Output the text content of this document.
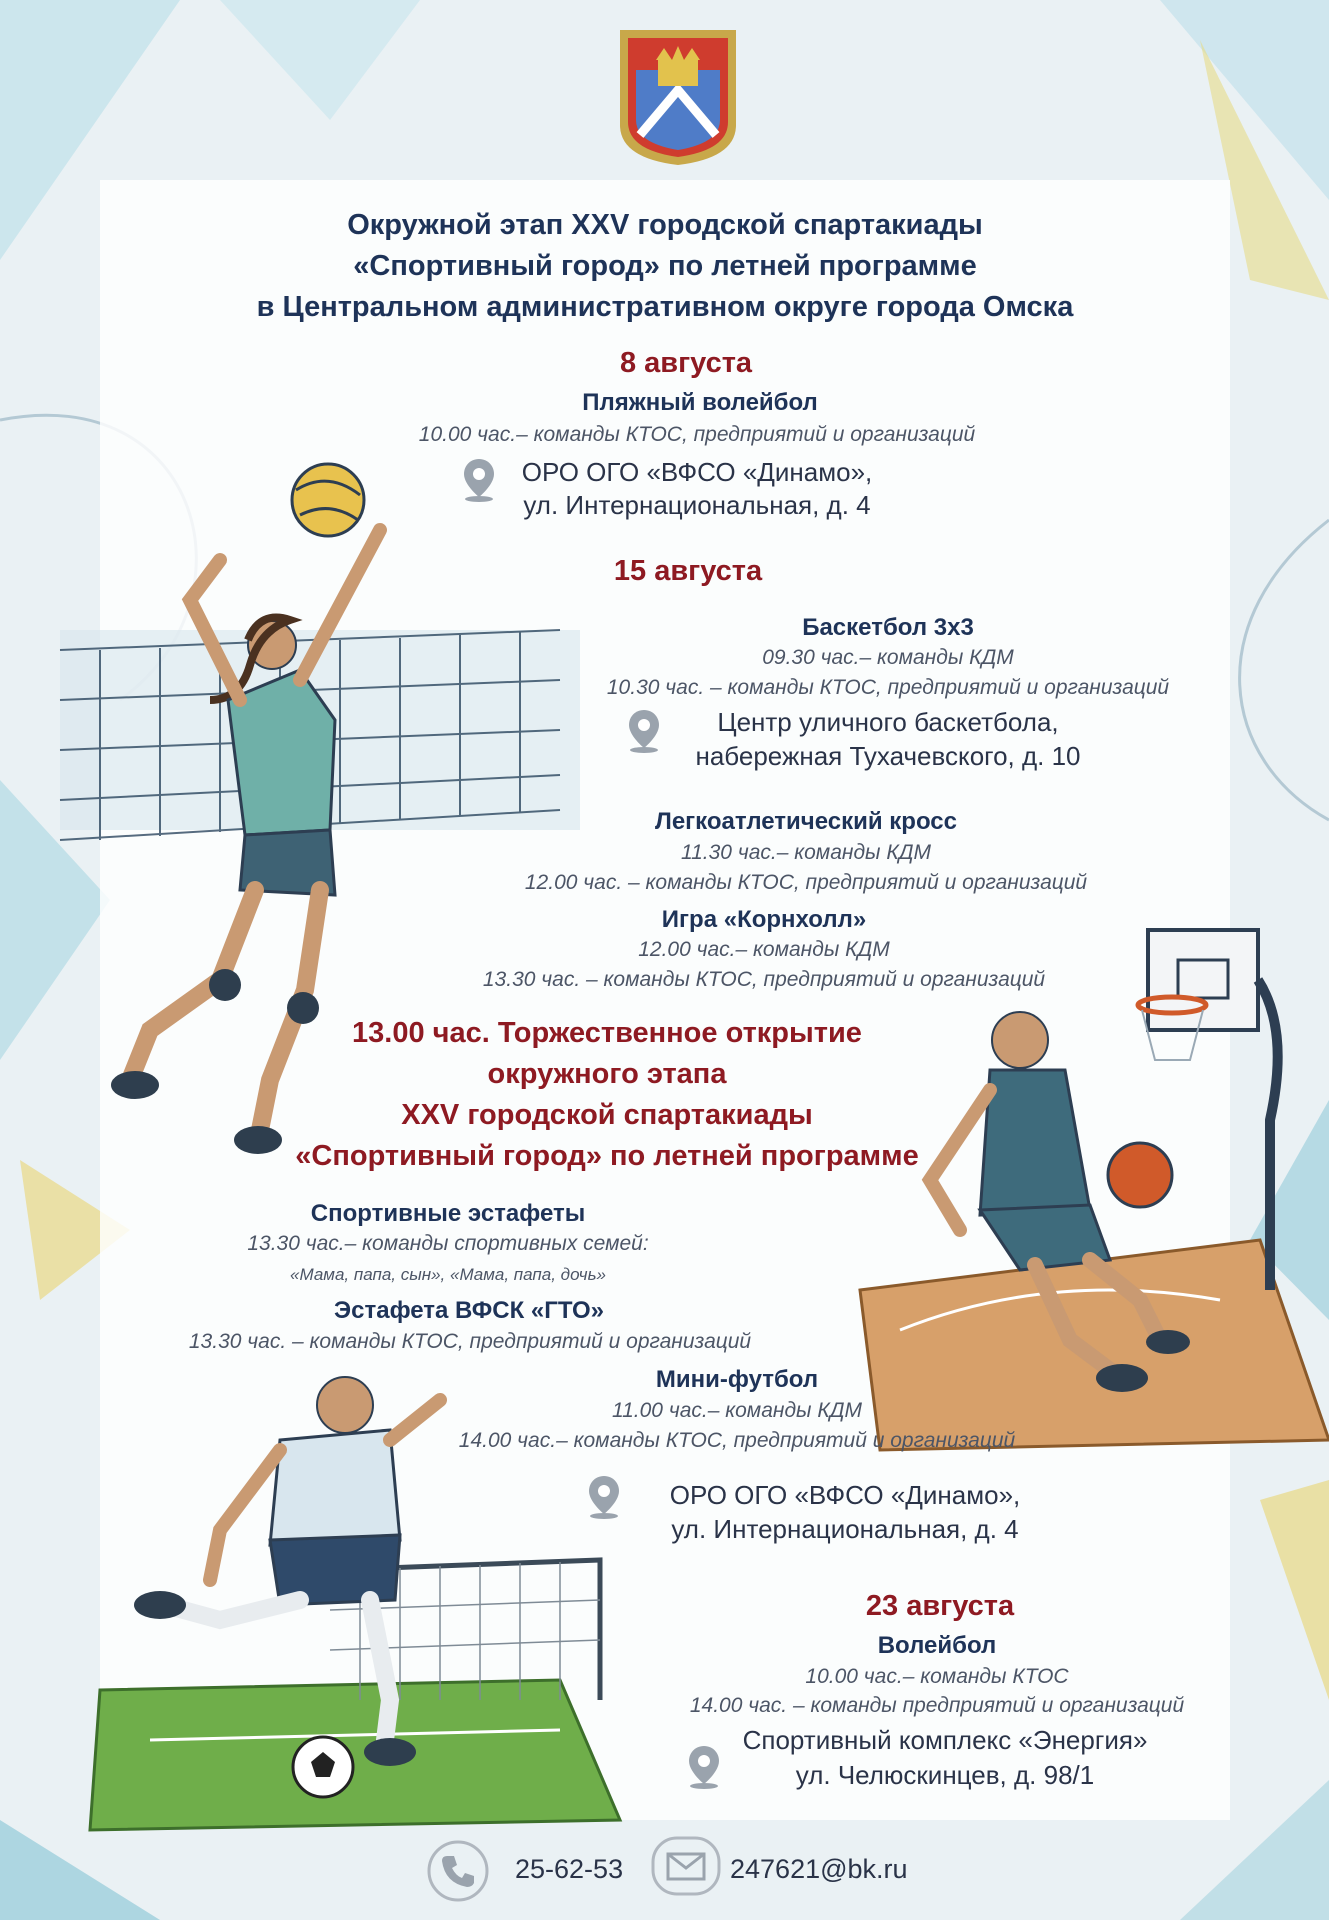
Окружной этап XXV городской спартакиады
«Спортивный город» по летней программе
в Центральном административном округе города Омска
8 августа
Пляжный волейбол
10.00 час.– команды КТОС, предприятий и организаций
ОРО ОГО «ВФСО «Динамо»,
ул. Интернациональная, д. 4
15 августа
Баскетбол 3х3
09.30 час.– команды КДМ
10.30 час. – команды КТОС, предприятий и организаций
Центр уличного баскетбола,
набережная Тухачевского, д. 10
Легкоатлетический кросс
11.30 час.– команды КДМ
12.00 час. – команды КТОС, предприятий и организаций
Игра «Корнхолл»
12.00 час.– команды КДМ
13.30 час. – команды КТОС, предприятий и организаций
13.00 час. Торжественное открытие
окружного этапа
XXV городской спартакиады
«Спортивный город» по летней программе
Спортивные эстафеты
13.30 час.– команды спортивных семей:
«Мама, папа, сын», «Мама, папа, дочь»
Эстафета ВФСК «ГТО»
13.30 час. – команды КТОС, предприятий и организаций
Мини-футбол
11.00 час.– команды КДМ
14.00 час.– команды КТОС, предприятий и организаций
ОРО ОГО «ВФСО «Динамо»,
ул. Интернациональная, д. 4
23 августа
Волейбол
10.00 час.– команды КТОС
14.00 час. – команды предприятий и организаций
Спортивный комплекс «Энергия»
ул. Челюскинцев, д. 98/1
25-62-53	247621@bk.ru
